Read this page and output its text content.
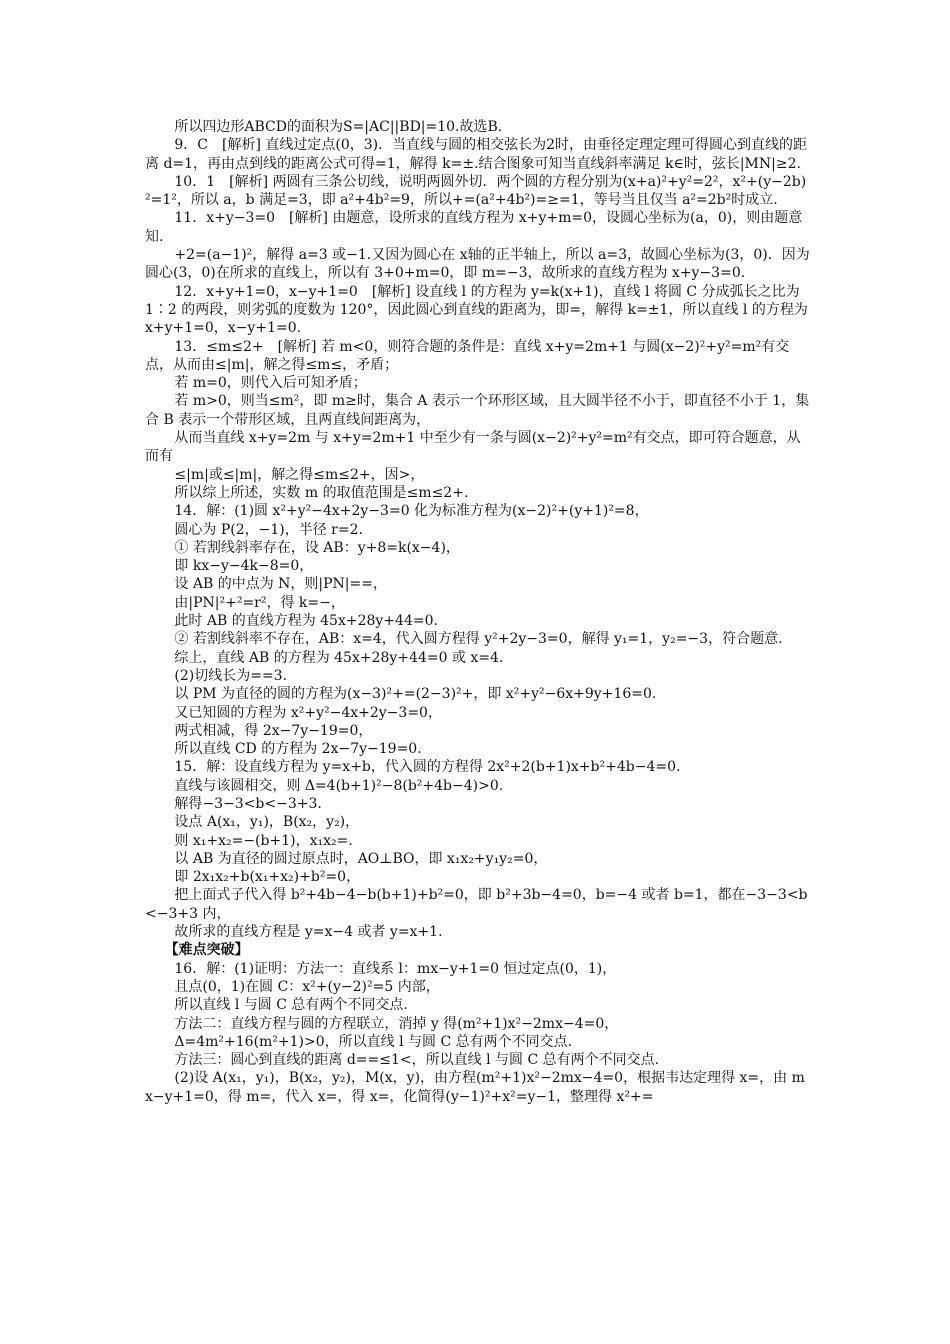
所以四边形ABCD的面积为S=|AC||BD|=10.故选B.

9．C　[解析] 直线过定点(0，3)．当直线与圆的相交弦长为2时，由垂径定理定理可得圆心到直线的距离 d=1，再由点到线的距离公式可得=1，解得 k=±.结合图象可知当直线斜率满足 k∈时，弦长|MN|≥2.

10．1　[解析] 两圆有三条公切线，说明两圆外切．两个圆的方程分别为(x+a)²+y²=2²，x²+(y−2b)²=1²，所以 a，b 满足=3，即 a²+4b²=9，所以+=(a²+4b²)=≥=1，等号当且仅当 a²=2b²时成立.

11．x+y−3=0　[解析] 由题意，设所求的直线方程为 x+y+m=0，设圆心坐标为(a，0)，则由题意知.

+2=(a−1)²，解得 a=3 或−1.又因为圆心在 x轴的正半轴上，所以 a=3，故圆心坐标为(3，0)．因为圆心(3，0)在所求的直线上，所以有 3+0+m=0，即 m=−3，故所求的直线方程为 x+y−3=0.

12．x+y+1=0，x−y+1=0　[解析] 设直线 l 的方程为 y=k(x+1)，直线 l 将圆 C 分成弧长之比为 1∶2 的两段，则劣弧的度数为 120°，因此圆心到直线的距离为，即=，解得 k=±1，所以直线 l 的方程为 x+y+1=0，x−y+1=0.

13．≤m≤2+　[解析] 若 m<0，则符合题的条件是：直线 x+y=2m+1 与圆(x−2)²+y²=m²有交点，从而由≤|m|，解之得≤m≤，矛盾；

若 m=0，则代入后可知矛盾；

若 m>0，则当≤m²，即 m≥时，集合 A 表示一个环形区域，且大圆半径不小于，即直径不小于 1，集合 B 表示一个带形区域，且两直线间距离为，

从而当直线 x+y=2m 与 x+y=2m+1 中至少有一条与圆(x−2)²+y²=m²有交点，即可符合题意，从而有

≤|m|或≤|m|，解之得≤m≤2+，因>，

所以综上所述，实数 m 的取值范围是≤m≤2+.

14．解：(1)圆 x²+y²−4x+2y−3=0 化为标准方程为(x−2)²+(y+1)²=8，

圆心为 P(2，−1)，半径 r=2.

① 若割线斜率存在，设 AB：y+8=k(x−4)，

即 kx−y−4k−8=0，

设 AB 的中点为 N，则|PN|==，

由|PN|²+²=r²，得 k=−，

此时 AB 的直线方程为 45x+28y+44=0.

② 若割线斜率不存在，AB：x=4，代入圆方程得 y²+2y−3=0，解得 y₁=1，y₂=−3，符合题意.

综上，直线 AB 的方程为 45x+28y+44=0 或 x=4.

(2)切线长为==3.

以 PM 为直径的圆的方程为(x−3)²+=(2−3)²+，即 x²+y²−6x+9y+16=0.

又已知圆的方程为 x²+y²−4x+2y−3=0，

两式相减，得 2x−7y−19=0，

所以直线 CD 的方程为 2x−7y−19=0.

15．解：设直线方程为 y=x+b，代入圆的方程得 2x²+2(b+1)x+b²+4b−4=0.

直线与该圆相交，则 Δ=4(b+1)²−8(b²+4b−4)>0.

解得−3−3<b<−3+3.

设点 A(x₁，y₁)，B(x₂，y₂)，

则 x₁+x₂=−(b+1)，x₁x₂=.

以 AB 为直径的圆过原点时，AO⊥BO，即 x₁x₂+y₁y₂=0，

即 2x₁x₂+b(x₁+x₂)+b²=0，

把上面式子代入得 b²+4b−4−b(b+1)+b²=0，即 b²+3b−4=0，b=−4 或者 b=1，都在−3−3<b<−3+3 内，

故所求的直线方程是 y=x−4 或者 y=x+1.

【难点突破】

16．解：(1)证明：方法一：直线系 l：mx−y+1=0 恒过定点(0，1)，

且点(0，1)在圆 C：x²+(y−2)²=5 内部，

所以直线 l 与圆 C 总有两个不同交点.

方法二：直线方程与圆的方程联立，消掉 y 得(m²+1)x²−2mx−4=0，

Δ=4m²+16(m²+1)>0，所以直线 l 与圆 C 总有两个不同交点.

方法三：圆心到直线的距离 d==≤1<，所以直线 l 与圆 C 总有两个不同交点.

(2)设 A(x₁，y₁)，B(x₂，y₂)，M(x，y)，由方程(m²+1)x²−2mx−4=0，根据韦达定理得 x=，由 mx−y+1=0，得 m=，代入 x=，得 x=，化简得(y−1)²+x²=y−1，整理得 x²+=
